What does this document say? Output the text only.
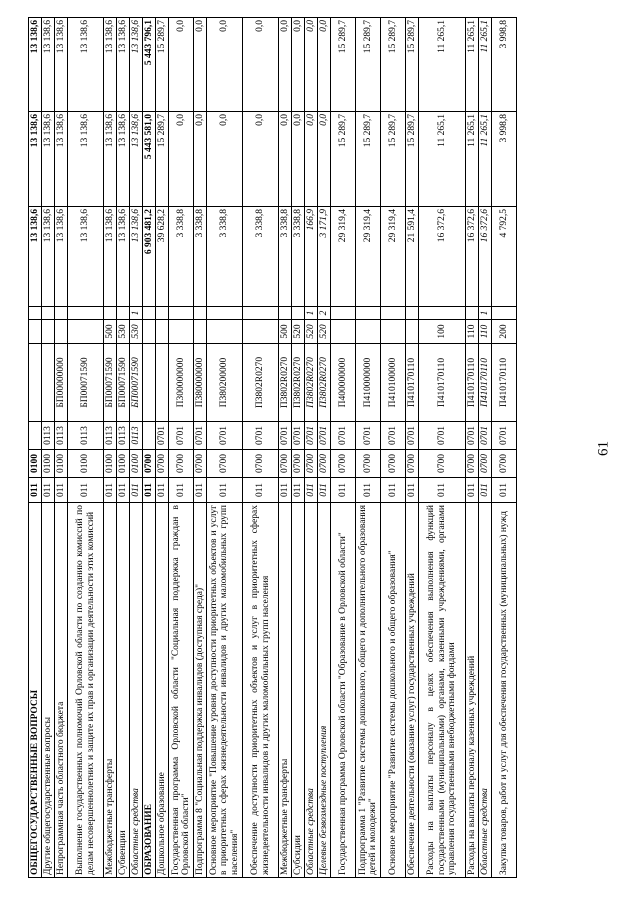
61
ОБЩЕГОСУДАРСТВЕННЫЕ ВОПРОСЫ	011	0100					13 138,6	13 138,6	13 138,6
Другие общегосударственные вопросы	011	0100	0113				13 138,6	13 138,6	13 138,6
Непрограммная часть областного бюджета	011	0100	0113	БП00000000			13 138,6	13 138,6	13 138,6
Выполнение государственных полномочий Орловской области по созданию комиссий по делам несовершеннолетних и защите их прав и организации деятельности этих комиссий	011	0100	0113	БП00071590			13 138,6	13 138,6	13 138,6
Межбюджетные трансферты	011	0100	0113	БП00071590	500		13 138,6	13 138,6	13 138,6
Субвенции	011	0100	0113	БП00071590	530		13 138,6	13 138,6	13 138,6
Областные средства	011	0100	0113	БП00071590	530	1	13 138,6	13 138,6	13 138,6
ОБРАЗОВАНИЕ	011	0700					6 903 481,2	5 443 581,0	5 443 796,1
Дошкольное образование	011	0700	0701				39 628,2	15 289,7	15 289,7
Государственная программа Орловской области "Социальная поддержка граждан в Орловской области"	011	0700	0701	П300000000			3 338,8	0,0	0,0
Подпрограмма 8 "Социальная поддержка инвалидов (доступная среда)"	011	0700	0701	П380000000			3 338,8	0,0	0,0
Основное мероприятие "Повышение уровня доступности приоритетных объектов и услуг в приоритетных сферах жизнедеятельности инвалидов и других маломобильных групп населения"	011	0700	0701	П380200000			3 338,8	0,0	0,0
Обеспечение доступности приоритетных объектов и услуг в приоритетных сферах жизнедеятельности инвалидов и других маломобильных групп населения	011	0700	0701	П3802R0270			3 338,8	0,0	0,0
Межбюджетные трансферты	011	0700	0701	П3802R0270	500		3 338,8	0,0	0,0
Субсидии	011	0700	0701	П3802R0270	520		3 338,8	0,0	0,0
Областные средства	011	0700	0701	П3802R0270	520	1	166,9	0,0	0,0
Целевые безвозмездные поступления	011	0700	0701	П3802R0270	520	2	3 171,9	0,0	0,0
Государственная программа Орловской области "Образование в Орловской области"	011	0700	0701	П400000000			29 319,4	15 289,7	15 289,7
Подпрограмма 1 "Развитие системы дошкольного, общего и дополнительного образования детей и молодежи"	011	0700	0701	П410000000			29 319,4	15 289,7	15 289,7
Основное мероприятие "Развитие системы дошкольного и общего образования"	011	0700	0701	П410100000			29 319,4	15 289,7	15 289,7
Обеспечение деятельности (оказание услуг) государственных учреждений	011	0700	0701	П410170110			21 591,4	15 289,7	15 289,7
Расходы на выплаты персоналу в целях обеспечения выполнения функций государственными (муниципальными) органами, казенными учреждениями, органами управления государственными внебюджетными фондами	011	0700	0701	П410170110	100		16 372,6	11 265,1	11 265,1
Расходы на выплаты персоналу казенных учреждений	011	0700	0701	П410170110	110		16 372,6	11 265,1	11 265,1
Областные средства	011	0700	0701	П410170110	110	1	16 372,6	11 265,1	11 265,1
Закупка товаров, работ и услуг для обеспечения государственных (муниципальных) нужд	011	0700	0701	П410170110	200		4 792,5	3 998,8	3 998,8
